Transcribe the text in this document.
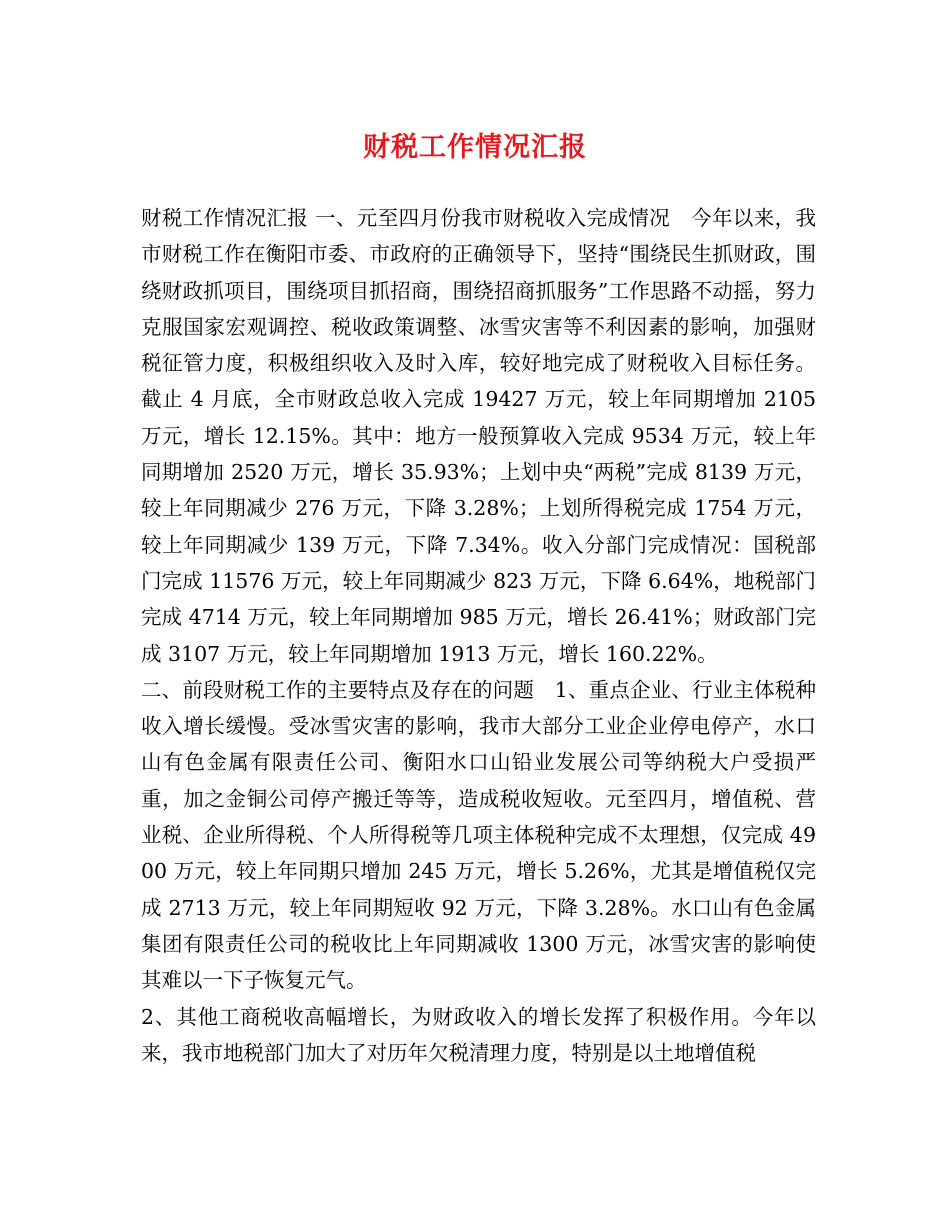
财税工作情况汇报

财税工作情况汇报 一、元至四月份我市财税收入完成情况　今年以来，我市财税工作在衡阳市委、市政府的正确领导下，坚持“围绕民生抓财政，围绕财政抓项目，围绕项目抓招商，围绕招商抓服务”工作思路不动摇，努力克服国家宏观调控、税收政策调整、冰雪灾害等不利因素的影响，加强财税征管力度，积极组织收入及时入库，较好地完成了财税收入目标任务。截止 4 月底，全市财政总收入完成 19427 万元，较上年同期增加 2105 万元，增长 12.15%。其中：地方一般预算收入完成 9534 万元，较上年同期增加 2520 万元，增长 35.93%；上划中央“两税”完成 8139 万元，较上年同期减少 276 万元，下降 3.28%；上划所得税完成 1754 万元，较上年同期减少 139 万元，下降 7.34%。收入分部门完成情况：国税部门完成 11576 万元，较上年同期减少 823 万元，下降 6.64%，地税部门完成 4714 万元，较上年同期增加 985 万元，增长 26.41%；财政部门完成 3107 万元，较上年同期增加 1913 万元，增长 160.22%。

二、前段财税工作的主要特点及存在的问题　1、重点企业、行业主体税种收入增长缓慢。受冰雪灾害的影响，我市大部分工业企业停电停产，水口山有色金属有限责任公司、衡阳水口山铅业发展公司等纳税大户受损严重，加之金铜公司停产搬迁等等，造成税收短收。元至四月，增值税、营业税、企业所得税、个人所得税等几项主体税种完成不太理想，仅完成 4900 万元，较上年同期只增加 245 万元，增长 5.26%，尤其是增值税仅完成 2713 万元，较上年同期短收 92 万元，下降 3.28%。水口山有色金属集团有限责任公司的税收比上年同期减收 1300 万元，冰雪灾害的影响使其难以一下子恢复元气。

2、其他工商税收高幅增长，为财政收入的增长发挥了积极作用。今年以来，我市地税部门加大了对历年欠税清理力度，特别是以土地增值税
